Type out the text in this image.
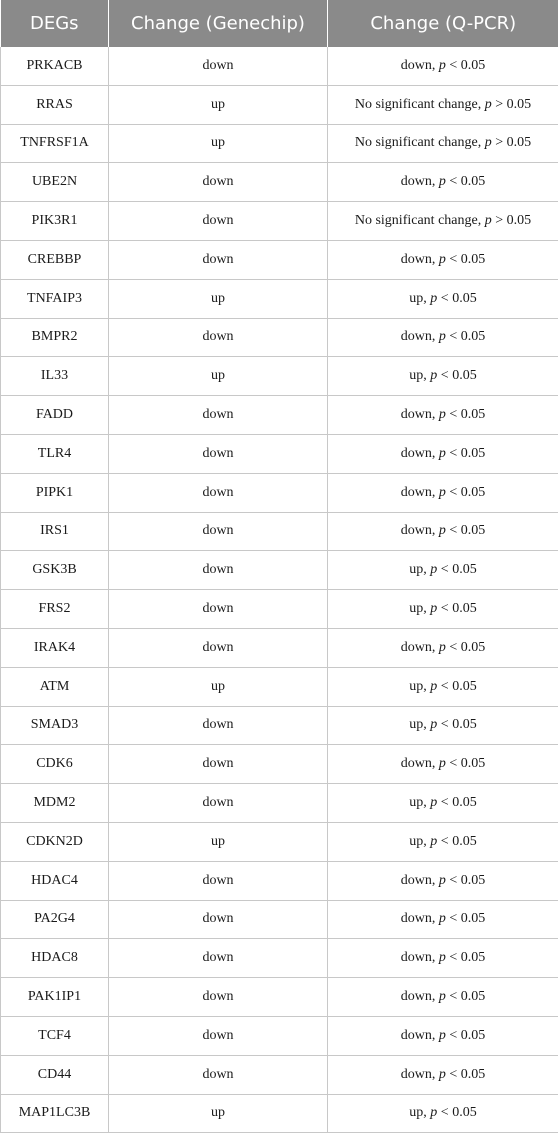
DEGs	Change (Genechip)	Change (Q-PCR)
PRKACB	down	down, p < 0.05
RRAS	up	No significant change, p > 0.05
TNFRSF1A	up	No significant change, p > 0.05
UBE2N	down	down, p < 0.05
PIK3R1	down	No significant change, p > 0.05
CREBBP	down	down, p < 0.05
TNFAIP3	up	up, p < 0.05
BMPR2	down	down, p < 0.05
IL33	up	up, p < 0.05
FADD	down	down, p < 0.05
TLR4	down	down, p < 0.05
PIPK1	down	down, p < 0.05
IRS1	down	down, p < 0.05
GSK3B	down	up, p < 0.05
FRS2	down	up, p < 0.05
IRAK4	down	down, p < 0.05
ATM	up	up, p < 0.05
SMAD3	down	up, p < 0.05
CDK6	down	down, p < 0.05
MDM2	down	up, p < 0.05
CDKN2D	up	up, p < 0.05
HDAC4	down	down, p < 0.05
PA2G4	down	down, p < 0.05
HDAC8	down	down, p < 0.05
PAK1IP1	down	down, p < 0.05
TCF4	down	down, p < 0.05
CD44	down	down, p < 0.05
MAP1LC3B	up	up, p < 0.05
